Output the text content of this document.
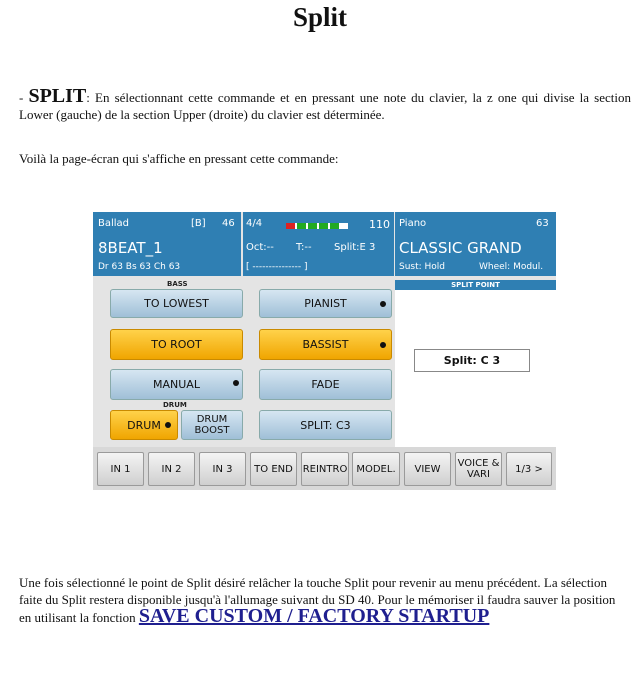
Split
- SPLIT: En sélectionnant cette commande et en pressant une note du clavier, la z one qui divise la section Lower (gauche) de la section Upper (droite) du clavier est déterminée.
Voilà la page-écran qui s'affiche en pressant cette commande:
Ballad	[B] 46
8BEAT_1
Dr 63 Bs 63 Ch 63
4/4	110
Oct:-- T:-- Split:E 3
[ --------------- ]
Piano	63
CLASSIC GRAND
Sust: Hold	Wheel: Modul.
BASS
TO LOWEST
TO ROOT
MANUAL
DRUM
DRUM	DRUM BOOST
PIANIST
BASSIST
FADE
SPLIT: C3
SPLIT POINT
Split: C 3
IN 1	IN 2	IN 3	TO END REINTRO MODEL.	VIEW	VOICE & VARI	1/3 >
Une fois sélectionné le point de Split désiré relâcher la touche Split pour revenir au menu précédent. La sélection faite du Split restera disponible jusqu'à l'allumage suivant du SD 40. Pour le mémoriser il faudra sauver la position en utilisant la fonction SAVE CUSTOM / FACTORY STARTUP
